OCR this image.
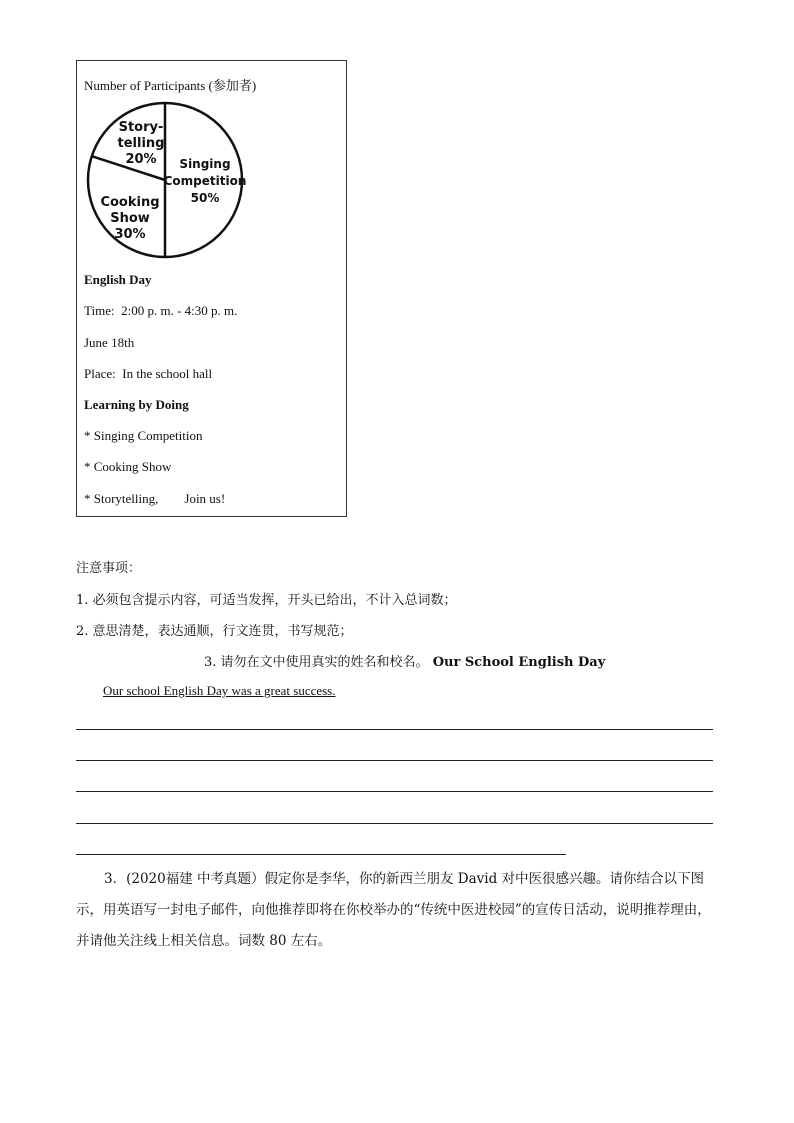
Number of Participants (参加者)
Singing Competition 50%
Cooking Show 30%
Story-telling 20%
English Day
Time:  2:00 p. m. - 4:30 p. m.
June 18th
Place:  In the school hall
Learning by Doing
* Singing Competition
* Cooking Show
* Storytelling,        Join us!
注意事项：
1. 必须包含提示内容，可适当发挥，开头已给出，不计入总词数；
2. 意思清楚，表达通顺，行文连贯，书写规范；
3. 请勿在文中使用真实的姓名和校名。 Our School English Day
Our school English Day was a great success.
3．(2020福建 中考真题）假定你是李华，你的新西兰朋友 David 对中医很感兴趣。请你结合以下图示，用英语写一封电子邮件，向他推荐即将在你校举办的“传统中医进校园”的宣传日活动，说明推荐理由，并请他关注线上相关信息。词数 80 左右。
